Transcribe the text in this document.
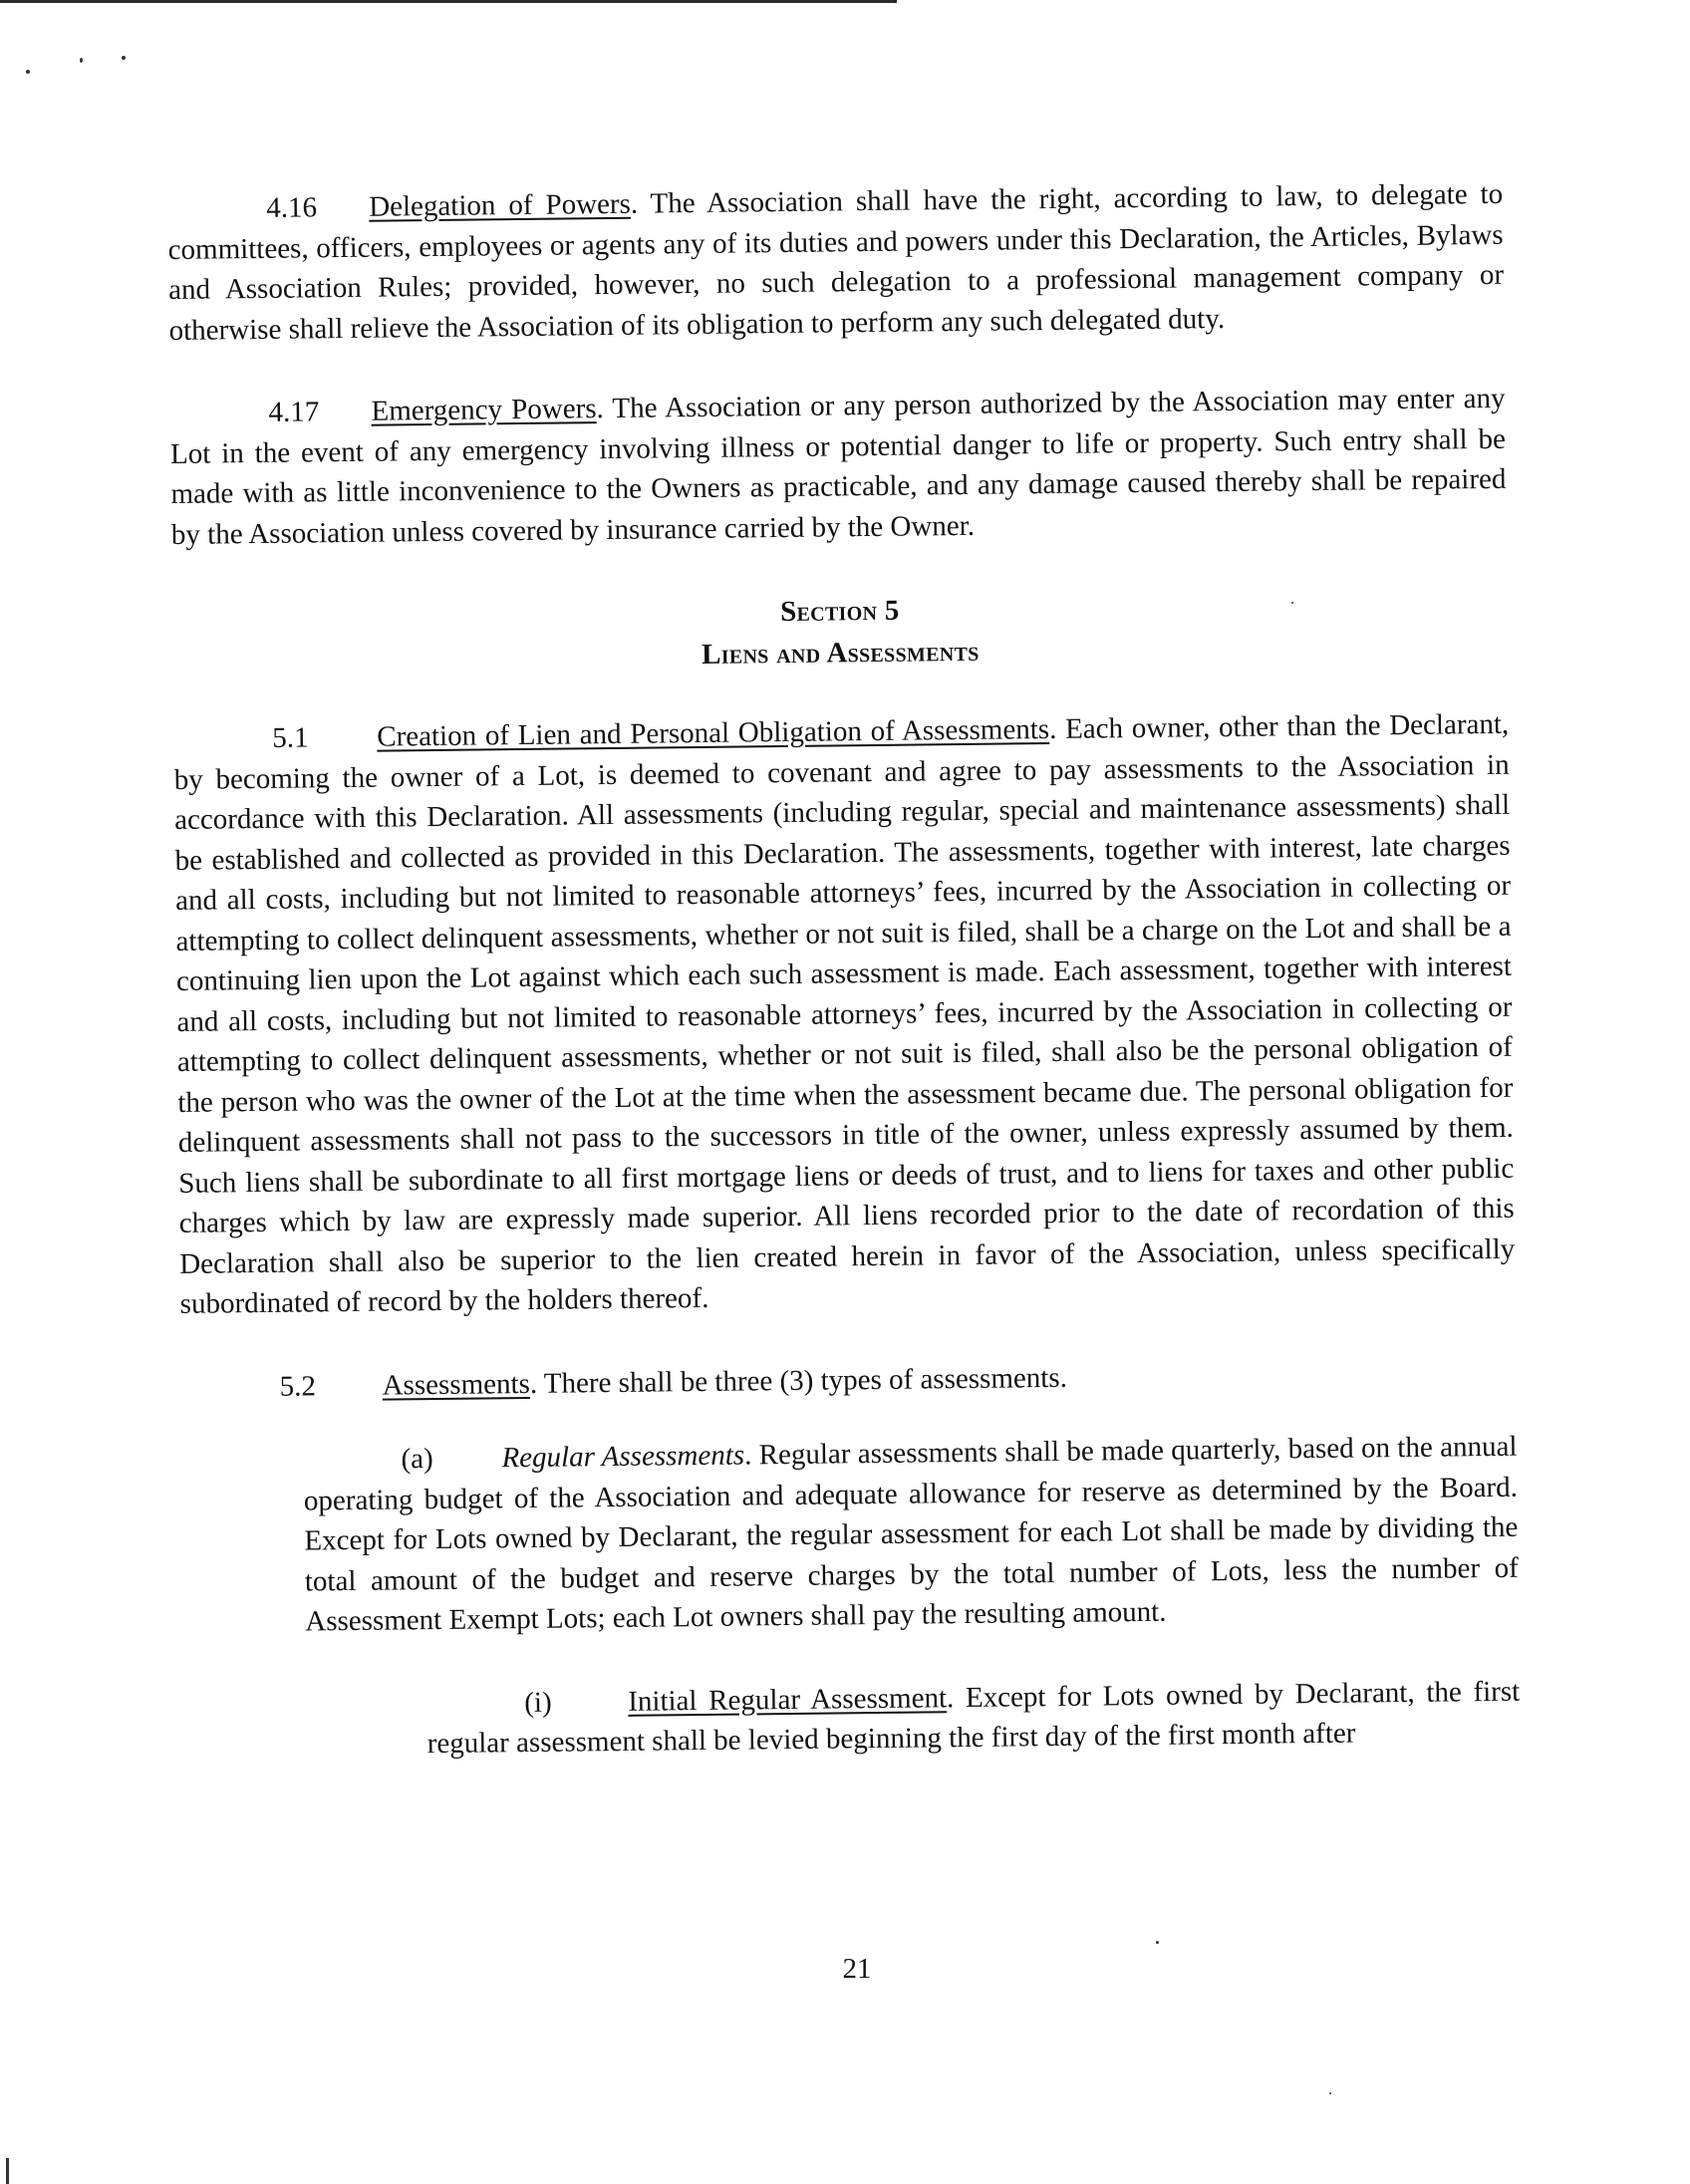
4.16 Delegation of Powers. The Association shall have the right, according to law, to delegate to committees, officers, employees or agents any of its duties and powers under this Declaration, the Articles, Bylaws and Association Rules; provided, however, no such delegation to a professional management company or otherwise shall relieve the Association of its obligation to perform any such delegated duty.

4.17 Emergency Powers. The Association or any person authorized by the Association may enter any Lot in the event of any emergency involving illness or potential danger to life or property. Such entry shall be made with as little inconvenience to the Owners as practicable, and any damage caused thereby shall be repaired by the Association unless covered by insurance carried by the Owner.

Section 5
Liens and Assessments

5.1 Creation of Lien and Personal Obligation of Assessments. Each owner, other than the Declarant, by becoming the owner of a Lot, is deemed to covenant and agree to pay assessments to the Association in accordance with this Declaration. All assessments (including regular, special and maintenance assessments) shall be established and collected as provided in this Declaration. The assessments, together with interest, late charges and all costs, including but not limited to reasonable attorneys’ fees, incurred by the Association in collecting or attempting to collect delinquent assessments, whether or not suit is filed, shall be a charge on the Lot and shall be a continuing lien upon the Lot against which each such assessment is made. Each assessment, together with interest and all costs, including but not limited to reasonable attorneys’ fees, incurred by the Association in collecting or attempting to collect delinquent assessments, whether or not suit is filed, shall also be the personal obligation of the person who was the owner of the Lot at the time when the assessment became due. The personal obligation for delinquent assessments shall not pass to the successors in title of the owner, unless expressly assumed by them. Such liens shall be subordinate to all first mortgage liens or deeds of trust, and to liens for taxes and other public charges which by law are expressly made superior. All liens recorded prior to the date of recordation of this Declaration shall also be superior to the lien created herein in favor of the Association, unless specifically subordinated of record by the holders thereof.

5.2 Assessments. There shall be three (3) types of assessments.

(a) Regular Assessments. Regular assessments shall be made quarterly, based on the annual operating budget of the Association and adequate allowance for reserve as determined by the Board. Except for Lots owned by Declarant, the regular assessment for each Lot shall be made by dividing the total amount of the budget and reserve charges by the total number of Lots, less the number of Assessment Exempt Lots; each Lot owners shall pay the resulting amount.

(i)	Initial Regular Assessment. Except for Lots owned by Declarant, the first regular assessment shall be levied beginning the first day of the first month after

21
